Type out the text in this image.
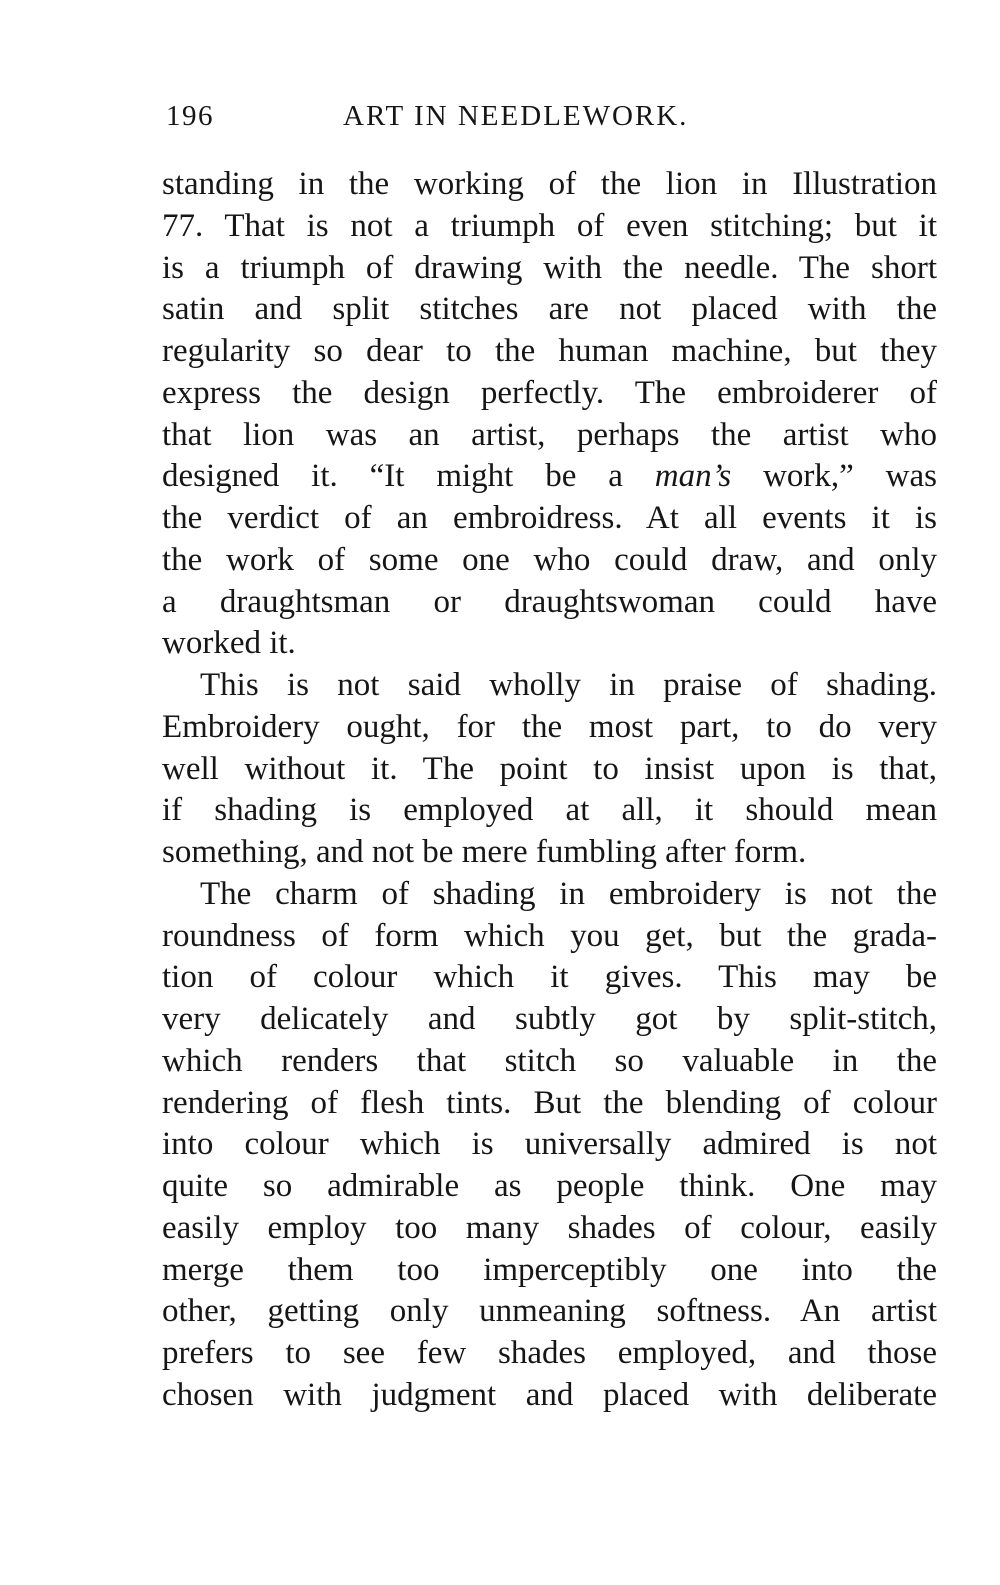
196	ART IN NEEDLEWORK.
standing in the working of the lion in Illustration
77. That is not a triumph of even stitching; but it
is a triumph of drawing with the needle. The short
satin and split stitches are not placed with the
regularity so dear to the human machine, but they
express the design perfectly. The embroiderer of
that lion was an artist, perhaps the artist who
designed it. “It might be a man’s work,” was
the verdict of an embroidress. At all events it is
the work of some one who could draw, and only
a draughtsman or draughtswoman could have
worked it.
This is not said wholly in praise of shading.
Embroidery ought, for the most part, to do very
well without it. The point to insist upon is that,
if shading is employed at all, it should mean
something, and not be mere fumbling after form.
The charm of shading in embroidery is not the
roundness of form which you get, but the grada-
tion of colour which it gives. This may be
very delicately and subtly got by split-stitch,
which renders that stitch so valuable in the
rendering of flesh tints. But the blending of colour
into colour which is universally admired is not
quite so admirable as people think. One may
easily employ too many shades of colour, easily
merge them too imperceptibly one into the
other, getting only unmeaning softness. An artist
prefers to see few shades employed, and those
chosen with judgment and placed with deliberate
